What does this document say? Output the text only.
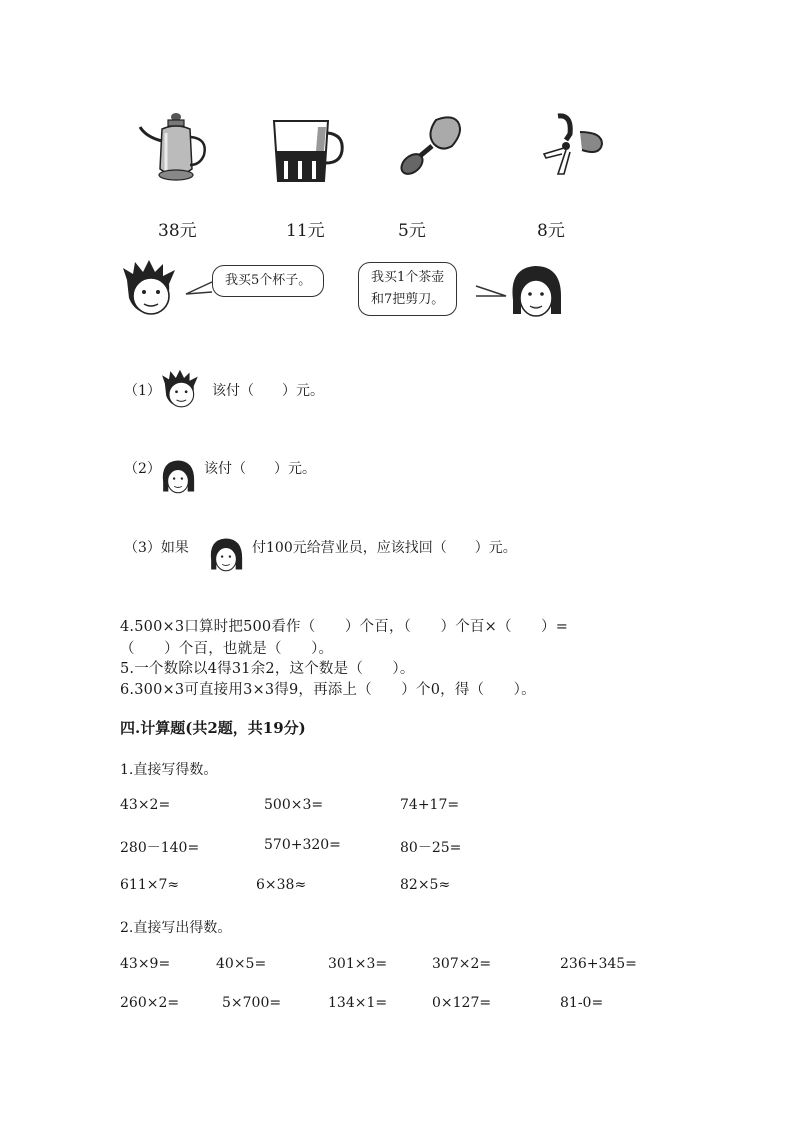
38元	11元	5元	8元
我买5个杯子。	我买1个茶壶
和7把剪刀。
（1）	该付（　　）元。
（2）	该付（　　）元。
（3）如果	付100元给营业员，应该找回（　　）元。
4.500×3口算时把500看作（　　）个百，（　　）个百×（　　）=
（　　）个百，也就是（　　）。
5.一个数除以4得31余2，这个数是（　　）。
6.300×3可直接用3×3得9，再添上（　　）个0，得（　　）。
四.计算题(共2题，共19分)
1.直接写得数。
43×2=	500×3=	74+17=
280－140=	570+320=	80－25=
611×7≈	6×38≈	82×5≈
2.直接写出得数。
43×9=	40×5=	301×3=	307×2=	236+345=
260×2=	5×700=	134×1=	0×127=	81-0=
